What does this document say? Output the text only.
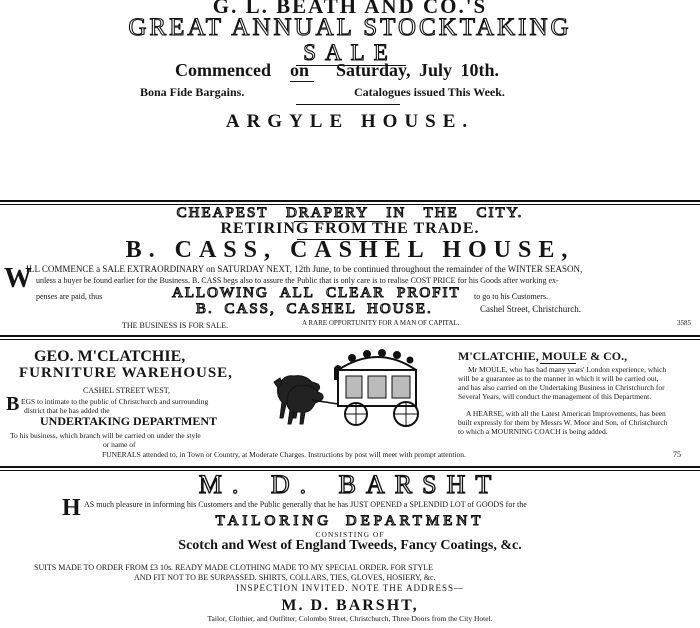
G. L. BEATH AND CO.'S
GREAT ANNUAL STOCKTAKING
SALE
Commenced on Saturday, July 10th.
Bona Fide Bargains.	Catalogues issued This Week.
ARGYLE HOUSE.
CHEAPEST DRAPERY IN THE CITY.
RETIRING FROM THE TRADE.
B. CASS, CASHEL HOUSE,
W
ILL COMMENCE a SALE EXTRAORDINARY on SATURDAY NEXT, 12th June, to be continued throughout the remainder of the WINTER SEASON,
unless a buyer be found earlier for the Business. B. CASS begs also to assure the Public that is only care is to realise COST PRICE for his Goods after working ex-
penses are paid, thus	ALLOWING ALL CLEAR PROFIT to go to his Customers.
B. CASS, CASHEL HOUSE.	Cashel Street, Christchurch.
THE BUSINESS IS FOR SALE.	A RARE OPPORTUNITY FOR A MAN OF CAPITAL.	3585
GEO. M'CLATCHIE,
FURNITURE WAREHOUSE,
CASHEL STREET WEST,
B EGS to intimate to the public of Christchurch and surrounding
district that he has added the
UNDERTAKING DEPARTMENT
To his business, which branch will be carried on under the style
or name of
M'CLATCHIE, MOULE & CO.,
Mr MOULE, who has had many years' London experience, which
will be a guarantee as to the manner in which it will be carried out,
and has also carried on the Undertaking Business in Christchurch for
Several Years, will conduct the management of this Department.
A HEARSE, with all the Latest American Improvements, has been
built expressly for them by Messrs W. Moor and Son, of Christchurch
to which a MOURNING COACH is being added.
FUNERALS attended to, in Town or Country, at Moderate Charges. Instructions by post will meet with prompt attention.	75
M. D. BARSHT
H AS much pleasure in informing his Customers and the Public generally that he has JUST OPENED a SPLENDID LOT of GOODS for the
TAILORING DEPARTMENT
CONSISTING OF
Scotch and West of England Tweeds, Fancy Coatings, &c.
SUITS MADE TO ORDER FROM £3 10s. READY MADE CLOTHING MADE TO MY SPECIAL ORDER. FOR STYLE
AND FIT NOT TO BE SURPASSED. SHIRTS, COLLARS, TIES, GLOVES, HOSIERY, &c.
INSPECTION INVITED. NOTE THE ADDRESS—
M. D. BARSHT,
Tailor, Clothier, and Outfitter, Colombo Street, Christchurch, Three Doors from the City Hotel.
